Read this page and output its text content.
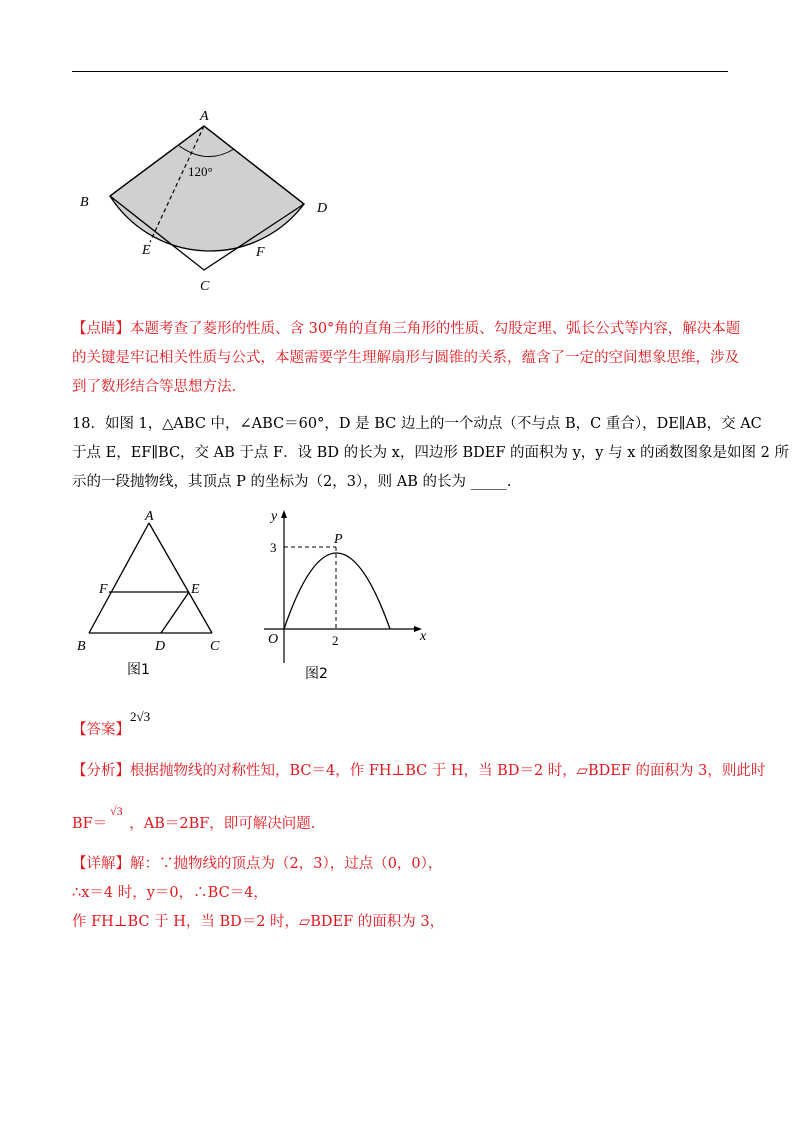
A
B
C
D
E	F
120°
【点睛】本题考查了菱形的性质、含 30°角的直角三角形的性质、勾股定理、弧长公式等内容，解决本题
的关键是牢记相关性质与公式，本题需要学生理解扇形与圆锥的关系，蕴含了一定的空间想象思维，涉及
到了数形结合等思想方法.
18．如图 1，△ABC 中，∠ABC＝60°，D 是 BC 边上的一个动点（不与点 B，C 重合），DE∥AB，交 AC
于点 E，EF∥BC，交 AB 于点 F．设 BD 的长为 x，四边形 BDEF 的面积为 y，y 与 x 的函数图象是如图 2 所
示的一段抛物线，其顶点 P 的坐标为（2，3），则 AB 的长为 _____.
A
F	E
B	D	C
图1
y
x
O
P
3
2
图2
【答案】
2√3
【分析】根据抛物线的对称性知，BC＝4，作 FH⊥BC 于 H，当 BD＝2 时，▱BDEF 的面积为 3，则此时
BF＝ ，AB＝2BF，即可解决问题.
√3
【详解】解：∵抛物线的顶点为（2，3），过点（0，0），
∴x＝4 时，y＝0，∴BC＝4，
作 FH⊥BC 于 H，当 BD＝2 时，▱BDEF 的面积为 3，
